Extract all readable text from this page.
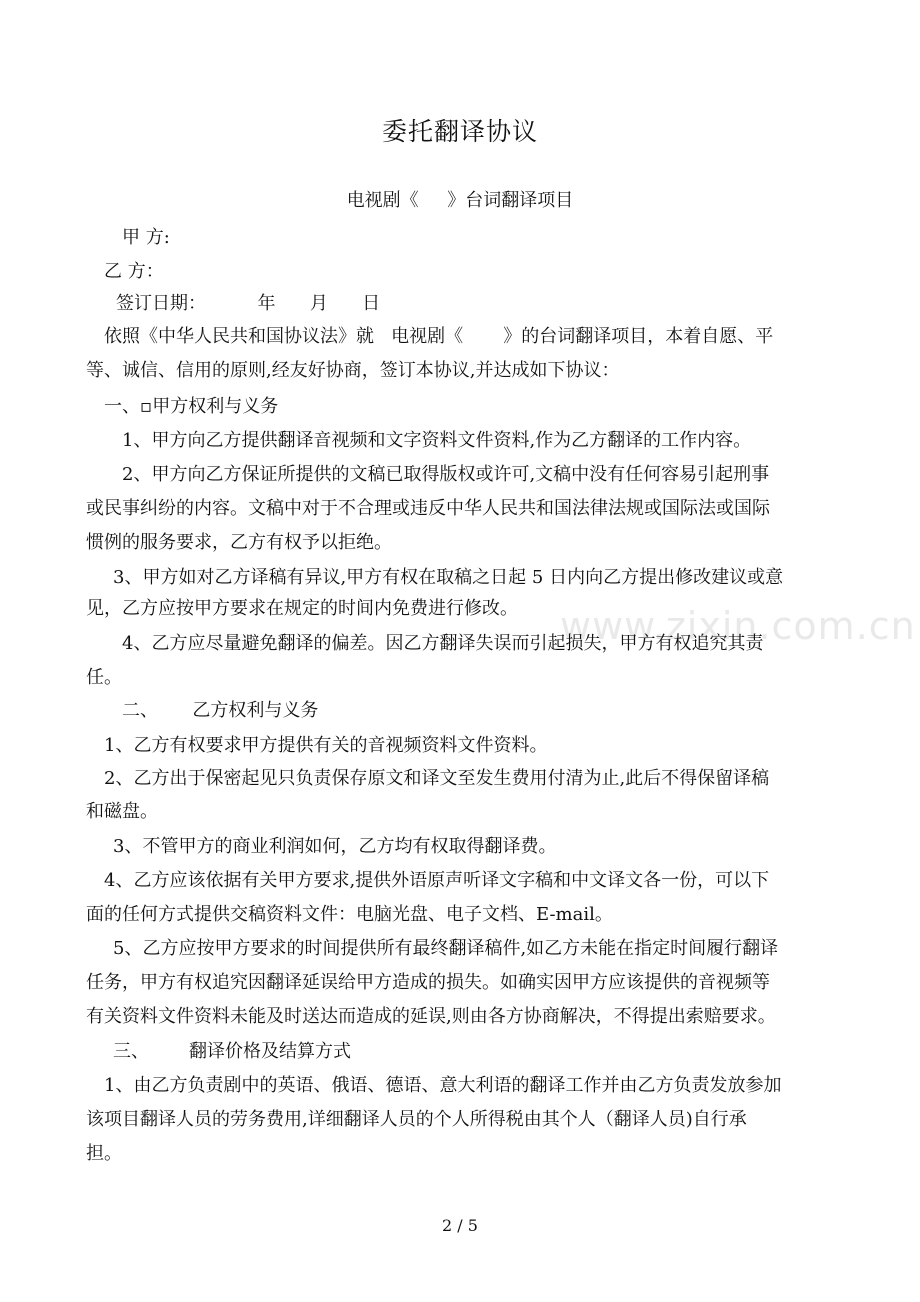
www.zixin.com.cn
委托翻译协议
电视剧《     》台词翻译项目
甲 方:
乙 方：
签订日期：         年      月      日
依照《中华人民共和国协议法》就   电视剧《       》的台词翻译项目，本着自愿、平
等、诚信、信用的原则,经友好协商，签订本协议,并达成如下协议：
一、▫甲方权利与义务
1、甲方向乙方提供翻译音视频和文字资料文件资料,作为乙方翻译的工作内容。
2、甲方向乙方保证所提供的文稿已取得版权或许可,文稿中没有任何容易引起刑事
或民事纠纷的内容。文稿中对于不合理或违反中华人民共和国法律法规或国际法或国际
惯例的服务要求，乙方有权予以拒绝。
3、甲方如对乙方译稿有异议,甲方有权在取稿之日起 5 日内向乙方提出修改建议或意
见，乙方应按甲方要求在规定的时间内免费进行修改。
4、乙方应尽量避免翻译的偏差。因乙方翻译失误而引起损失，甲方有权追究其责
任。
二、      乙方权利与义务
1、乙方有权要求甲方提供有关的音视频资料文件资料。
2、乙方出于保密起见只负责保存原文和译文至发生费用付清为止,此后不得保留译稿
和磁盘。
3、不管甲方的商业利润如何，乙方均有权取得翻译费。
4、乙方应该依据有关甲方要求,提供外语原声听译文字稿和中文译文各一份，可以下
面的任何方式提供交稿资料文件：电脑光盘、电子文档、E-mail。
5、乙方应按甲方要求的时间提供所有最终翻译稿件,如乙方未能在指定时间履行翻译
任务，甲方有权追究因翻译延误给甲方造成的损失。如确实因甲方应该提供的音视频等
有关资料文件资料未能及时送达而造成的延误,则由各方协商解决，不得提出索赔要求。
三、       翻译价格及结算方式
1、由乙方负责剧中的英语、俄语、德语、意大利语的翻译工作并由乙方负责发放参加
该项目翻译人员的劳务费用,详细翻译人员的个人所得税由其个人（翻译人员)自行承
担。
2 / 5
